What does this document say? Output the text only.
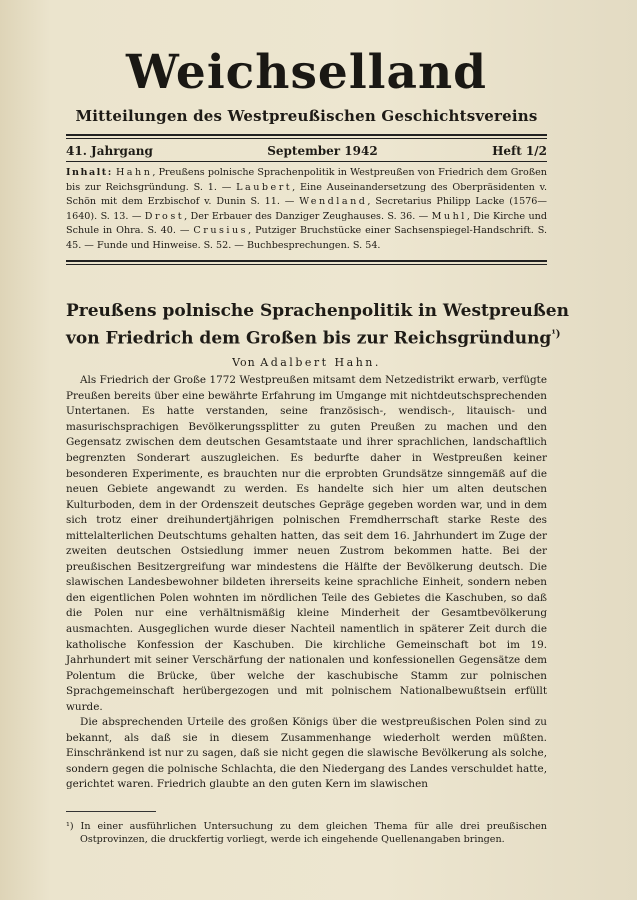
Weichselland
Mitteilungen des Westpreußischen Geschichtsvereins
41. Jahrgang	September 1942	Heft 1/2
Inhalt: Hahn, Preußens polnische Sprachenpolitik in Westpreußen von Friedrich dem Großen bis zur Reichsgründung. S. 1. — Laubert, Eine Auseinandersetzung des Oberpräsidenten v. Schön mit dem Erzbischof v. Dunin S. 11. — Wendland, Secretarius Philipp Lacke (1576—1640). S. 13. — Drost, Der Erbauer des Danziger Zeughauses. S. 36. — Muhl, Die Kirche und Schule in Ohra. S. 40. — Crusius, Putziger Bruchstücke einer Sachsenspiegel-Handschrift. S. 45. — Funde und Hinweise. S. 52. — Buchbesprechungen. S. 54.
Preußens polnische Sprachenpolitik in Westpreußen
von Friedrich dem Großen bis zur Reichsgründung$^{^1)}$
Von Adalbert Hahn.

Als Friedrich der Große 1772 Westpreußen mitsamt dem Netzedistrikt erwarb, verfügte Preußen bereits über eine bewährte Erfahrung im Umgange mit nichtdeutschsprechenden Untertanen. Es hatte verstanden, seine französisch-, wendisch-, litauisch- und masurischsprachigen Bevölkerungssplitter zu guten Preußen zu machen und den Gegensatz zwischen dem deutschen Gesamtstaate und ihrer sprachlichen, landschaftlich begrenzten Sonderart auszugleichen. Es bedurfte daher in Westpreußen keiner besonderen Experimente, es brauchten nur die erprobten Grundsätze sinngemäß auf die neuen Gebiete angewandt zu werden. Es handelte sich hier um alten deutschen Kulturboden, dem in der Ordenszeit deutsches Gepräge gegeben worden war, und in dem sich trotz einer dreihundertjährigen polnischen Fremdherrschaft starke Reste des mittelalterlichen Deutschtums gehalten hatten, das seit dem 16. Jahrhundert im Zuge der zweiten deutschen Ostsiedlung immer neuen Zustrom bekommen hatte. Bei der preußischen Besitzergreifung war mindestens die Hälfte der Bevölkerung deutsch. Die slawischen Landesbewohner bildeten ihrerseits keine sprachliche Einheit, sondern neben den eigentlichen Polen wohnten im nördlichen Teile des Gebietes die Kaschuben, so daß die Polen nur eine verhältnismäßig kleine Minderheit der Gesamtbevölkerung ausmachten. Ausgeglichen wurde dieser Nachteil namentlich in späterer Zeit durch die katholische Konfession der Kaschuben. Die kirchliche Gemeinschaft bot im 19. Jahrhundert mit seiner Verschärfung der nationalen und konfessionellen Gegensätze dem Polentum die Brücke, über welche der kaschubische Stamm zur polnischen Sprachgemeinschaft herübergezogen und mit polnischem Nationalbewußtsein erfüllt wurde.

Die absprechenden Urteile des großen Königs über die westpreußischen Polen sind zu bekannt, als daß sie in diesem Zusammenhange wiederholt werden müßten. Einschränkend ist nur zu sagen, daß sie nicht gegen die slawische Bevölkerung als solche, sondern gegen die polnische Schlachta, die den Niedergang des Landes verschuldet hatte, gerichtet waren. Friedrich glaubte an den guten Kern im slawischen

¹) In einer ausführlichen Untersuchung zu dem gleichen Thema für alle drei preußischen Ostprovinzen, die druckfertig vorliegt, werde ich eingehende Quellenangaben bringen.
